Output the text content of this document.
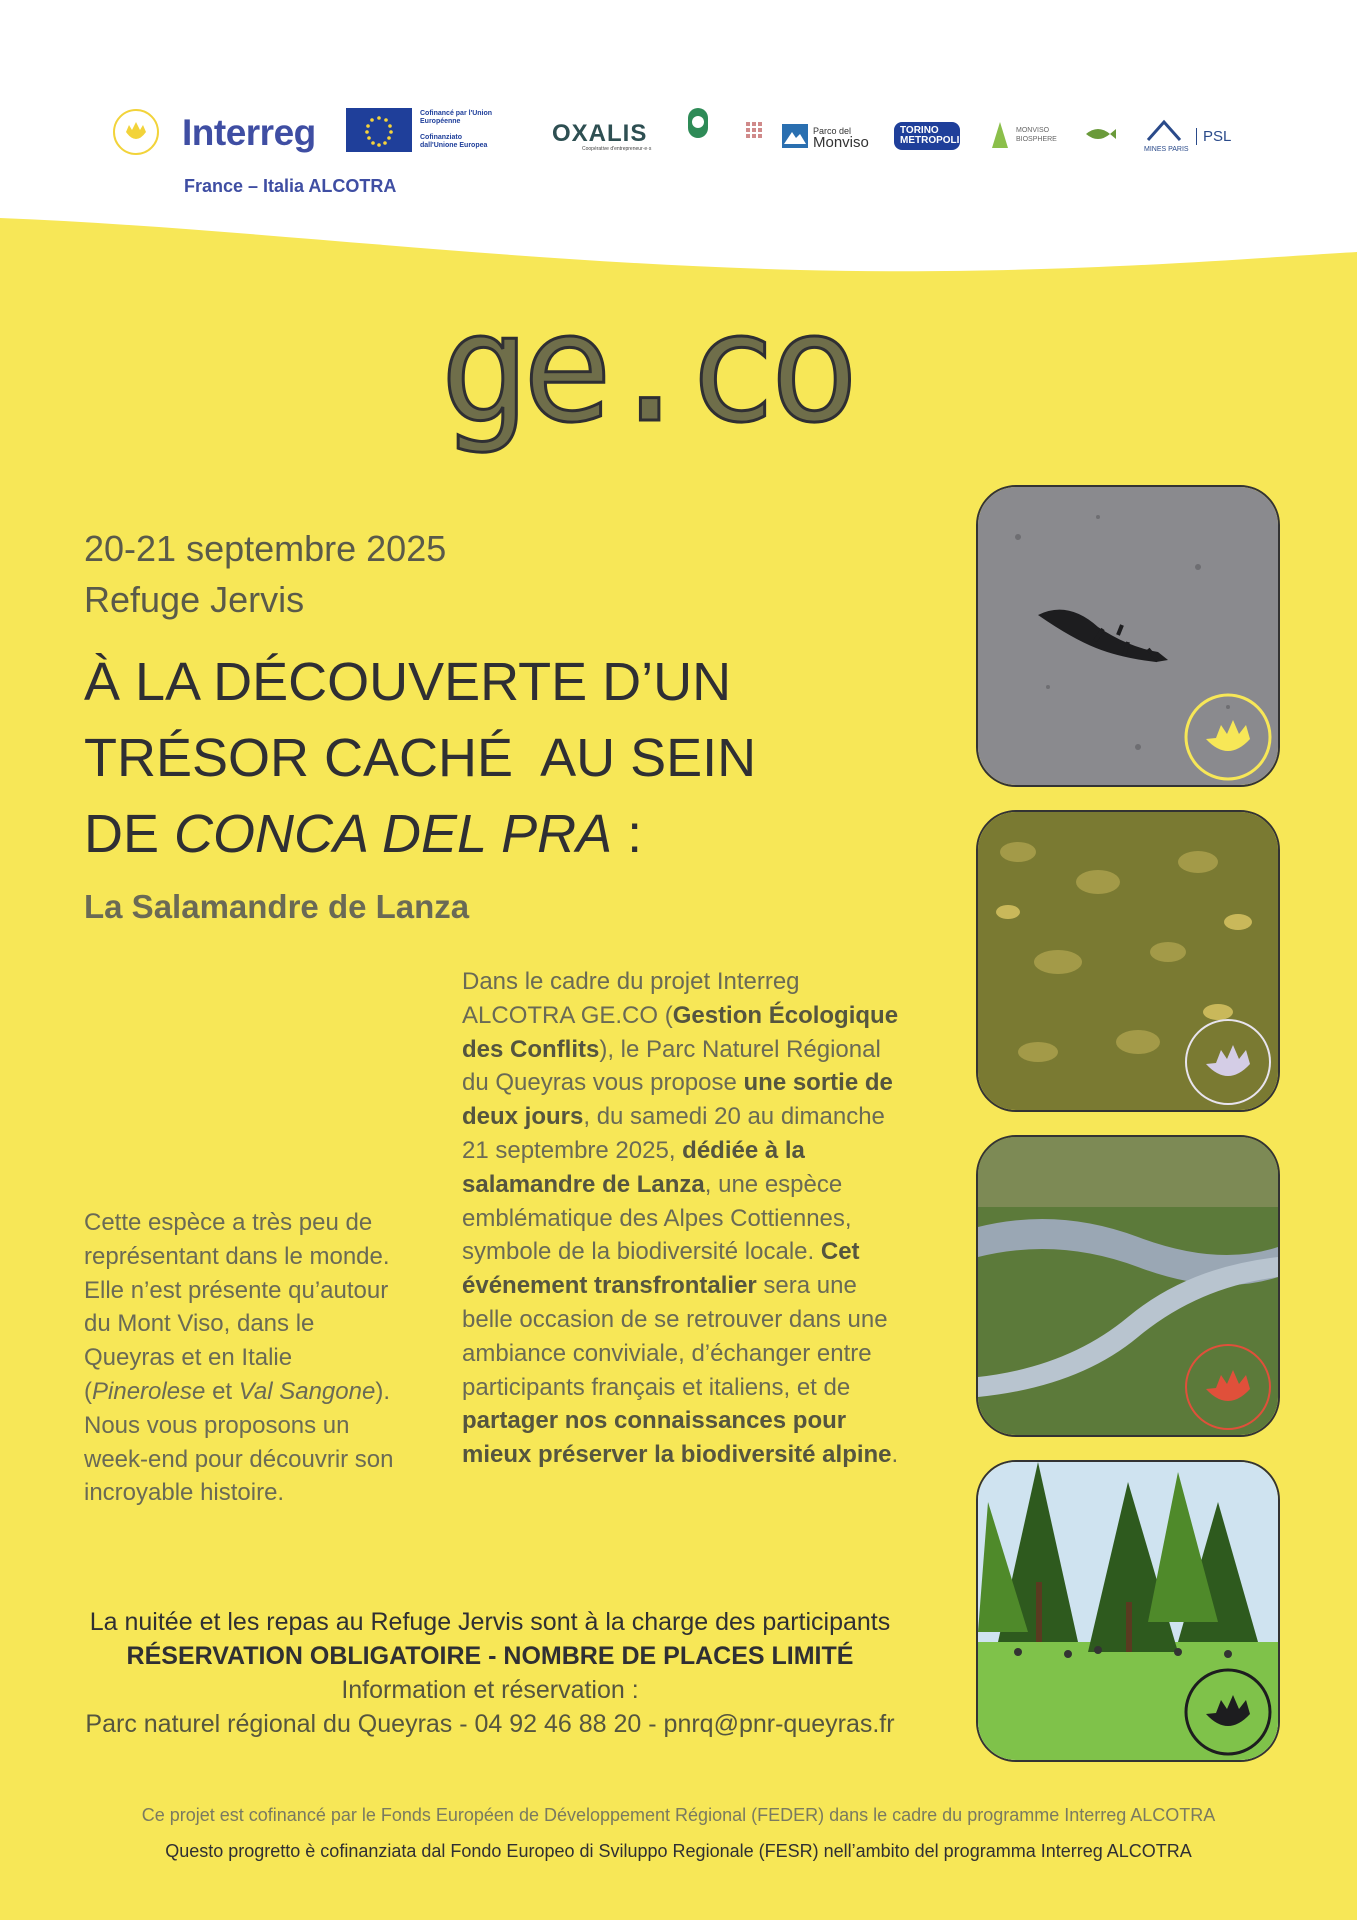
Interreg
France – Italia ALCOTRA
Cofinancé par l'Union Européenne
Cofinanziato dall'Unione Europea	OXALIS
Coopérative d'entrepreneur·e·s
Parco del
Monviso
TORINO METROPOLI
MONVISO BIOSPHERE
MINES PARIS
PSL
ge.co
20-21 septembre 2025
Refuge Jervis
À LA DÉCOUVERTE D’UN
TRÉSOR CACHÉ  AU SEIN
DE CONCA DEL PRA :
La Salamandre de Lanza
Cette espèce a très peu de représentant dans le monde. Elle n’est présente qu’autour du Mont Viso, dans le Queyras et en Italie (Pinerolese et Val Sangone). Nous vous proposons un week-end pour découvrir son incroyable histoire.
Dans le cadre du projet Interreg ALCOTRA GE.CO (Gestion Écologique des Conflits), le Parc Naturel Régional du Queyras vous propose une sortie de deux jours, du samedi 20 au dimanche 21 septembre 2025, dédiée à la salamandre de Lanza, une espèce emblématique des Alpes Cottiennes, symbole de la biodiversité locale. Cet événement transfrontalier sera une belle occasion de se retrouver dans une ambiance conviviale, d’échanger entre participants français et italiens, et de partager nos connaissances pour mieux préserver la biodiversité alpine.
La nuitée et les repas au Refuge Jervis sont à la charge des participants
RÉSERVATION OBLIGATOIRE - NOMBRE DE PLACES LIMITÉ
Information et réservation :
Parc naturel régional du Queyras - 04 92 46 88 20 - pnrq@pnr-queyras.fr
Ce projet est cofinancé par le Fonds Européen de Développement Régional (FEDER) dans le cadre du programme Interreg ALCOTRA
Questo progretto è cofinanziata dal Fondo Europeo di Sviluppo Regionale (FESR) nell’ambito del programma Interreg ALCOTRA
